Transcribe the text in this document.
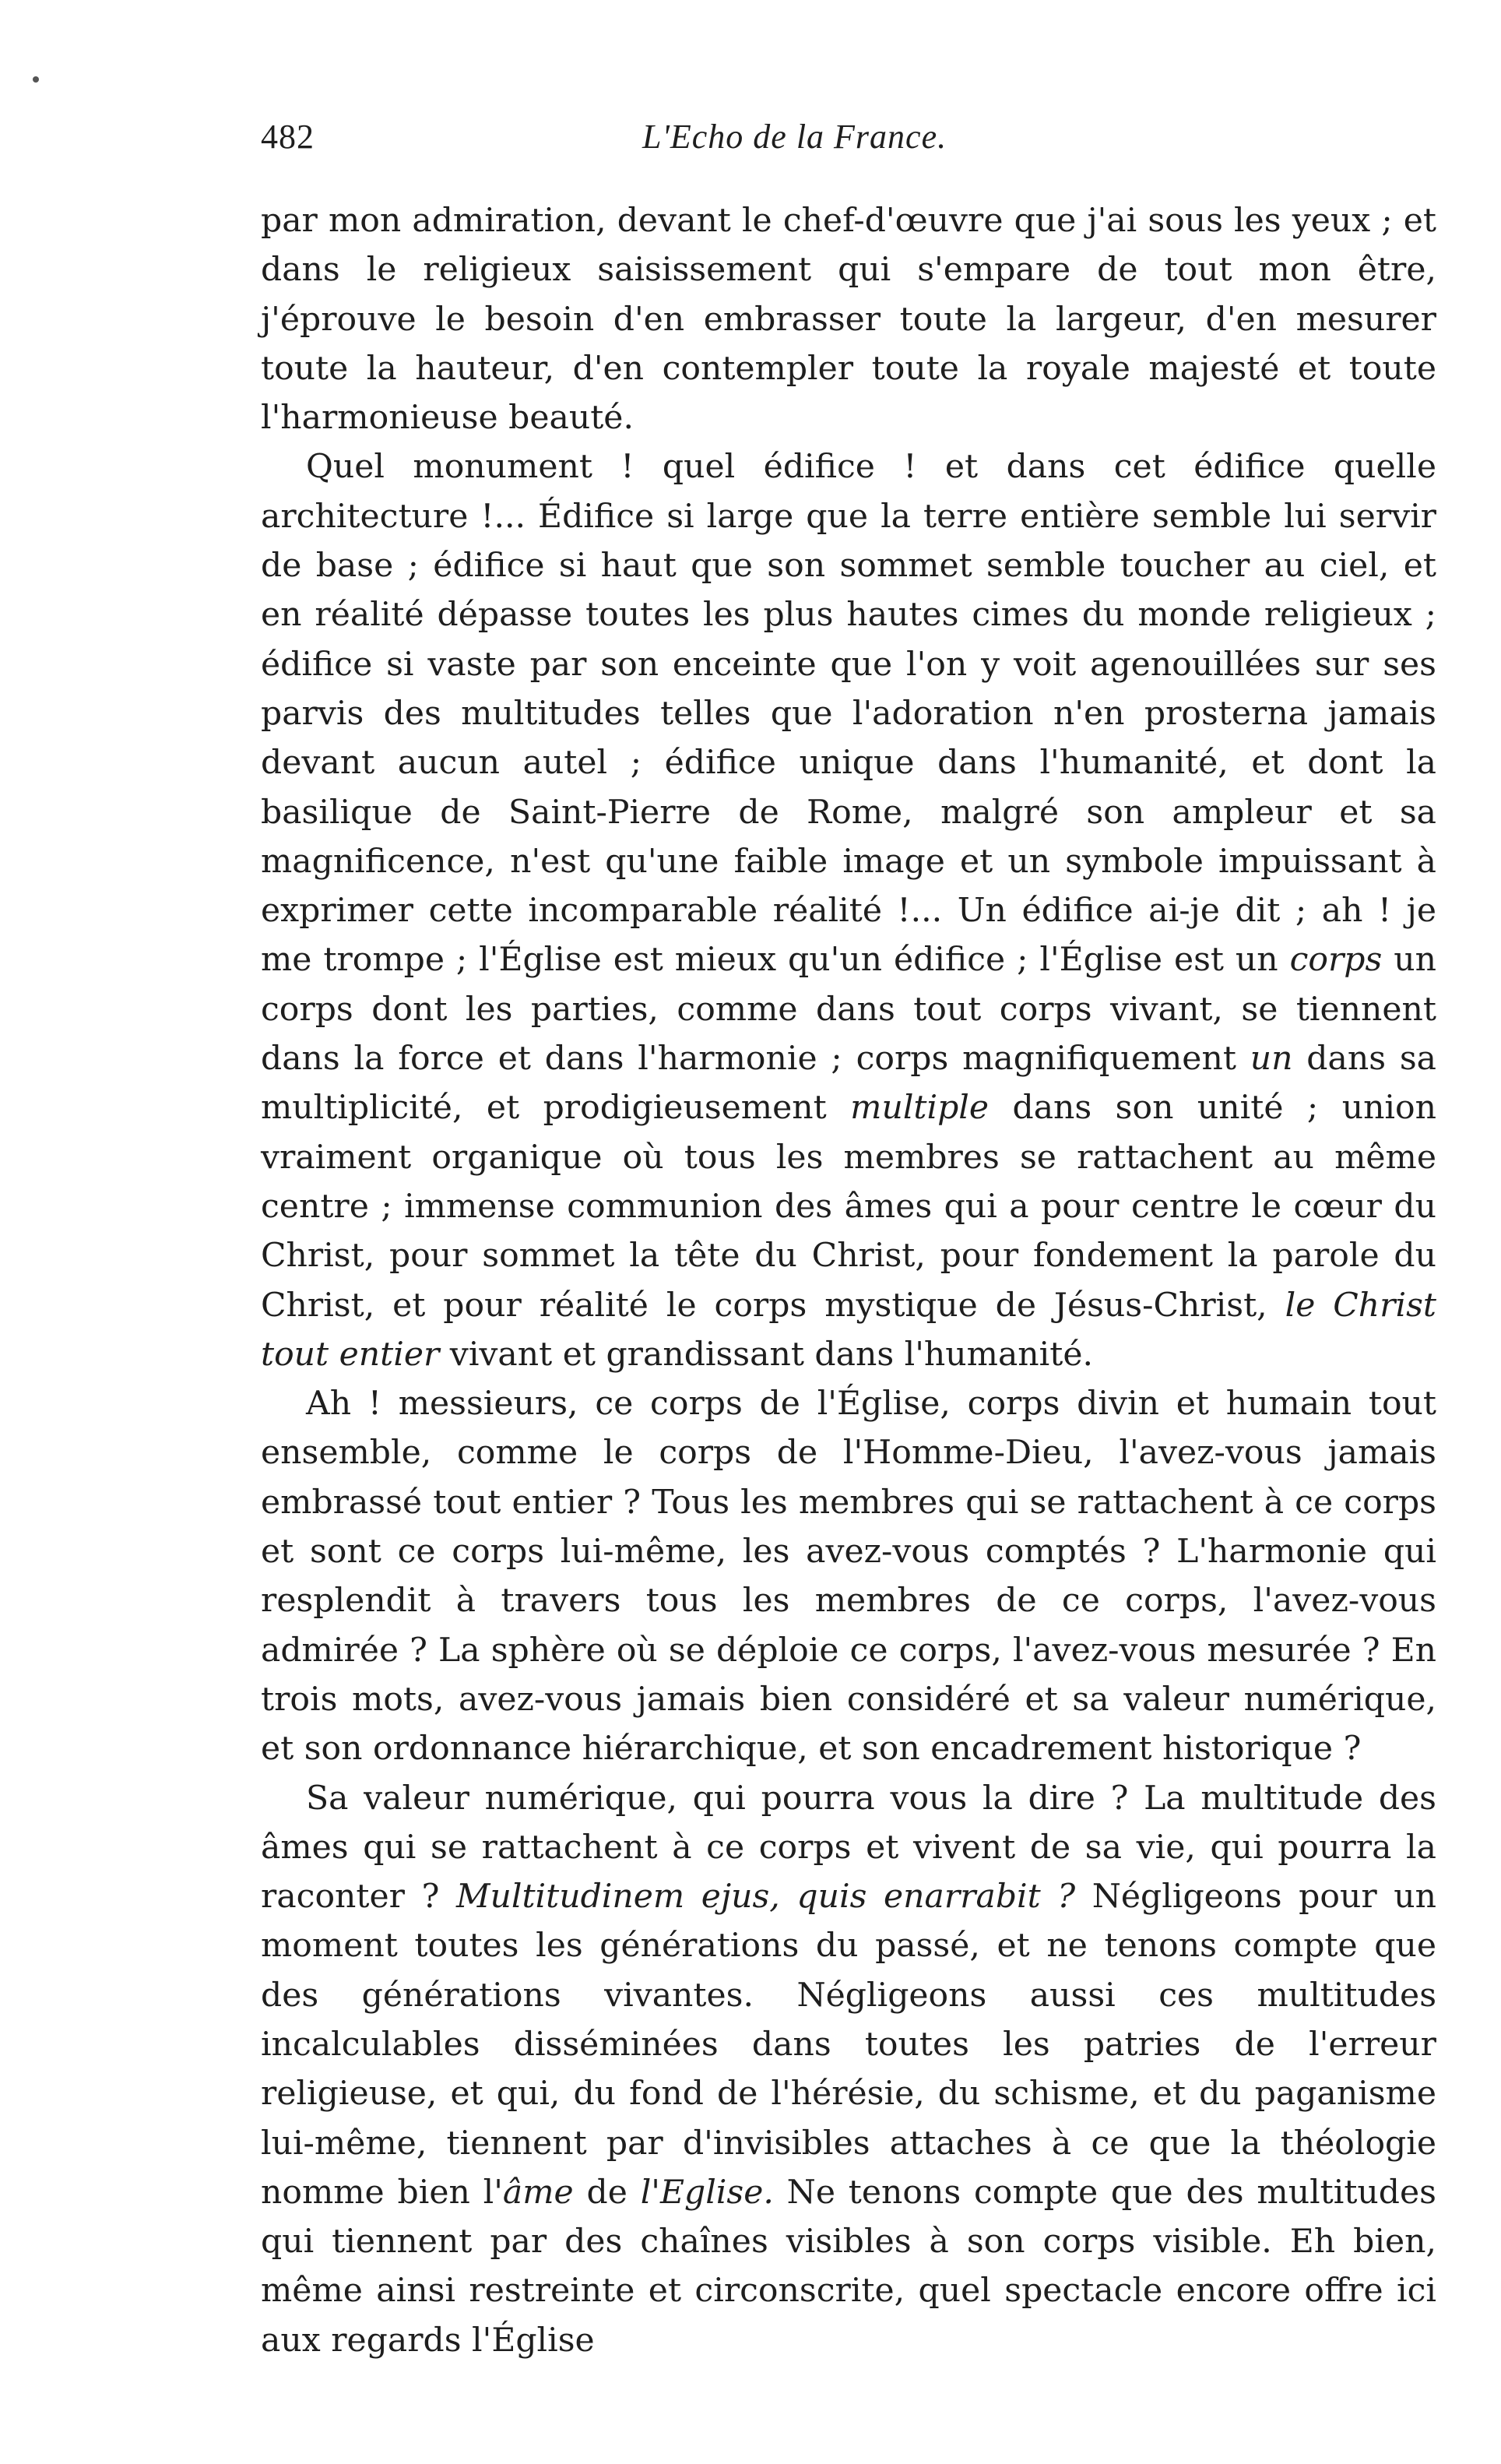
482	L'Echo de la France.

par mon admiration, devant le chef-d'œuvre que j'ai sous les yeux ; et dans le religieux saisissement qui s'empare de tout mon être, j'éprouve le besoin d'en embrasser toute la largeur, d'en mesurer toute la hauteur, d'en contempler toute la royale majesté et toute l'harmonieuse beauté.

Quel monument ! quel édifice ! et dans cet édifice quelle architecture !... Édifice si large que la terre entière semble lui servir de base ; édifice si haut que son sommet semble toucher au ciel, et en réalité dépasse toutes les plus hautes cimes du monde religieux ; édifice si vaste par son enceinte que l'on y voit agenouillées sur ses parvis des multitudes telles que l'adoration n'en prosterna jamais devant aucun autel ; édifice unique dans l'humanité, et dont la basilique de Saint-Pierre de Rome, malgré son ampleur et sa magnificence, n'est qu'une faible image et un symbole impuissant à exprimer cette incomparable réalité !... Un édifice ai-je dit ; ah ! je me trompe ; l'Église est mieux qu'un édifice ; l'Église est un corps un corps dont les parties, comme dans tout corps vivant, se tiennent dans la force et dans l'harmonie ; corps magnifiquement un dans sa multiplicité, et prodigieusement multiple dans son unité ; union vraiment organique où tous les membres se rattachent au même centre ; immense communion des âmes qui a pour centre le cœur du Christ, pour sommet la tête du Christ, pour fondement la parole du Christ, et pour réalité le corps mystique de Jésus-Christ, le Christ tout entier vivant et grandissant dans l'humanité.

Ah ! messieurs, ce corps de l'Église, corps divin et humain tout ensemble, comme le corps de l'Homme-Dieu, l'avez-vous jamais embrassé tout entier ? Tous les membres qui se rattachent à ce corps et sont ce corps lui-même, les avez-vous comptés ? L'harmonie qui resplendit à travers tous les membres de ce corps, l'avez-vous admirée ? La sphère où se déploie ce corps, l'avez-vous mesurée ? En trois mots, avez-vous jamais bien considéré et sa valeur numérique, et son ordonnance hiérarchique, et son encadrement historique ?

Sa valeur numérique, qui pourra vous la dire ? La multitude des âmes qui se rattachent à ce corps et vivent de sa vie, qui pourra la raconter ? Multitudinem ejus, quis enarrabit ? Négligeons pour un moment toutes les générations du passé, et ne tenons compte que des générations vivantes. Négligeons aussi ces multitudes incalculables disséminées dans toutes les patries de l'erreur religieuse, et qui, du fond de l'hérésie, du schisme, et du paganisme lui-même, tiennent par d'invisibles attaches à ce que la théologie nomme bien l'âme de l'Eglise. Ne tenons compte que des multitudes qui tiennent par des chaînes visibles à son corps visible. Eh bien, même ainsi restreinte et circonscrite, quel spectacle encore offre ici aux regards l'Église
